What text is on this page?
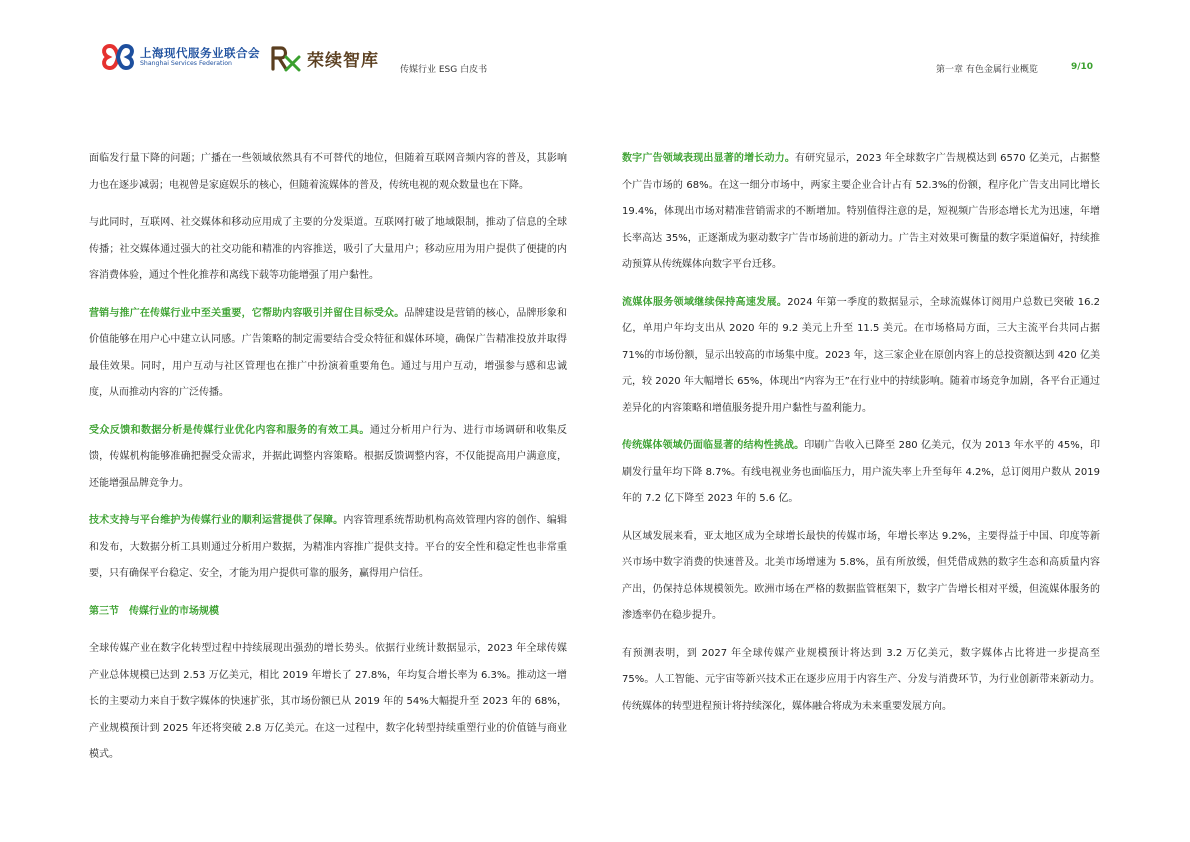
上海现代服务业联合会
Shanghai Services Federation	荣续智库 传媒行业 ESG 白皮书	第一章 有色金属行业概览	9/10

面临发行量下降的问题；广播在一些领域依然具有不可替代的地位，但随着互联网音频内容的普及，其影响力也在逐步减弱；电视曾是家庭娱乐的核心，但随着流媒体的普及，传统电视的观众数量也在下降。

与此同时，互联网、社交媒体和移动应用成了主要的分发渠道。互联网打破了地域限制，推动了信息的全球传播；社交媒体通过强大的社交功能和精准的内容推送，吸引了大量用户；移动应用为用户提供了便捷的内容消费体验，通过个性化推荐和离线下载等功能增强了用户黏性。

营销与推广在传媒行业中至关重要，它帮助内容吸引并留住目标受众。品牌建设是营销的核心，品牌形象和价值能够在用户心中建立认同感。广告策略的制定需要结合受众特征和媒体环境，确保广告精准投放并取得最佳效果。同时，用户互动与社区管理也在推广中扮演着重要角色。通过与用户互动，增强参与感和忠诚度，从而推动内容的广泛传播。

受众反馈和数据分析是传媒行业优化内容和服务的有效工具。通过分析用户行为、进行市场调研和收集反馈，传媒机构能够准确把握受众需求，并据此调整内容策略。根据反馈调整内容，不仅能提高用户满意度，还能增强品牌竞争力。

技术支持与平台维护为传媒行业的顺利运营提供了保障。内容管理系统帮助机构高效管理内容的创作、编辑和发布，大数据分析工具则通过分析用户数据，为精准内容推广提供支持。平台的安全性和稳定性也非常重要，只有确保平台稳定、安全，才能为用户提供可靠的服务，赢得用户信任。

第三节　传媒行业的市场规模

全球传媒产业在数字化转型过程中持续展现出强劲的增长势头。依据行业统计数据显示，2023 年全球传媒产业总体规模已达到 2.53 万亿美元，相比 2019 年增长了 27.8%，年均复合增长率为 6.3%。推动这一增长的主要动力来自于数字媒体的快速扩张，其市场份额已从 2019 年的 54%大幅提升至 2023 年的 68%，产业规模预计到 2025 年还将突破 2.8 万亿美元。在这一过程中，数字化转型持续重塑行业的价值链与商业模式。

数字广告领域表现出显著的增长动力。有研究显示，2023 年全球数字广告规模达到 6570 亿美元，占据整个广告市场的 68%。在这一细分市场中，两家主要企业合计占有 52.3%的份额，程序化广告支出同比增长 19.4%，体现出市场对精准营销需求的不断增加。特别值得注意的是，短视频广告形态增长尤为迅速，年增长率高达 35%，正逐渐成为驱动数字广告市场前进的新动力。广告主对效果可衡量的数字渠道偏好，持续推动预算从传统媒体向数字平台迁移。

流媒体服务领域继续保持高速发展。2024 年第一季度的数据显示，全球流媒体订阅用户总数已突破 16.2 亿，单用户年均支出从 2020 年的 9.2 美元上升至 11.5 美元。在市场格局方面，三大主流平台共同占据 71%的市场份额，显示出较高的市场集中度。2023 年，这三家企业在原创内容上的总投资额达到 420 亿美元，较 2020 年大幅增长 65%，体现出“内容为王”在行业中的持续影响。随着市场竞争加剧，各平台正通过差异化的内容策略和增值服务提升用户黏性与盈利能力。

传统媒体领域仍面临显著的结构性挑战。印刷广告收入已降至 280 亿美元，仅为 2013 年水平的 45%，印刷发行量年均下降 8.7%。有线电视业务也面临压力，用户流失率上升至每年 4.2%，总订阅用户数从 2019 年的 7.2 亿下降至 2023 年的 5.6 亿。

从区域发展来看，亚太地区成为全球增长最快的传媒市场，年增长率达 9.2%，主要得益于中国、印度等新兴市场中数字消费的快速普及。北美市场增速为 5.8%，虽有所放缓，但凭借成熟的数字生态和高质量内容产出，仍保持总体规模领先。欧洲市场在严格的数据监管框架下，数字广告增长相对平缓，但流媒体服务的渗透率仍在稳步提升。

有预测表明，到 2027 年全球传媒产业规模预计将达到 3.2 万亿美元，数字媒体占比将进一步提高至 75%。人工智能、元宇宙等新兴技术正在逐步应用于内容生产、分发与消费环节，为行业创新带来新动力。传统媒体的转型进程预计将持续深化，媒体融合将成为未来重要发展方向。
